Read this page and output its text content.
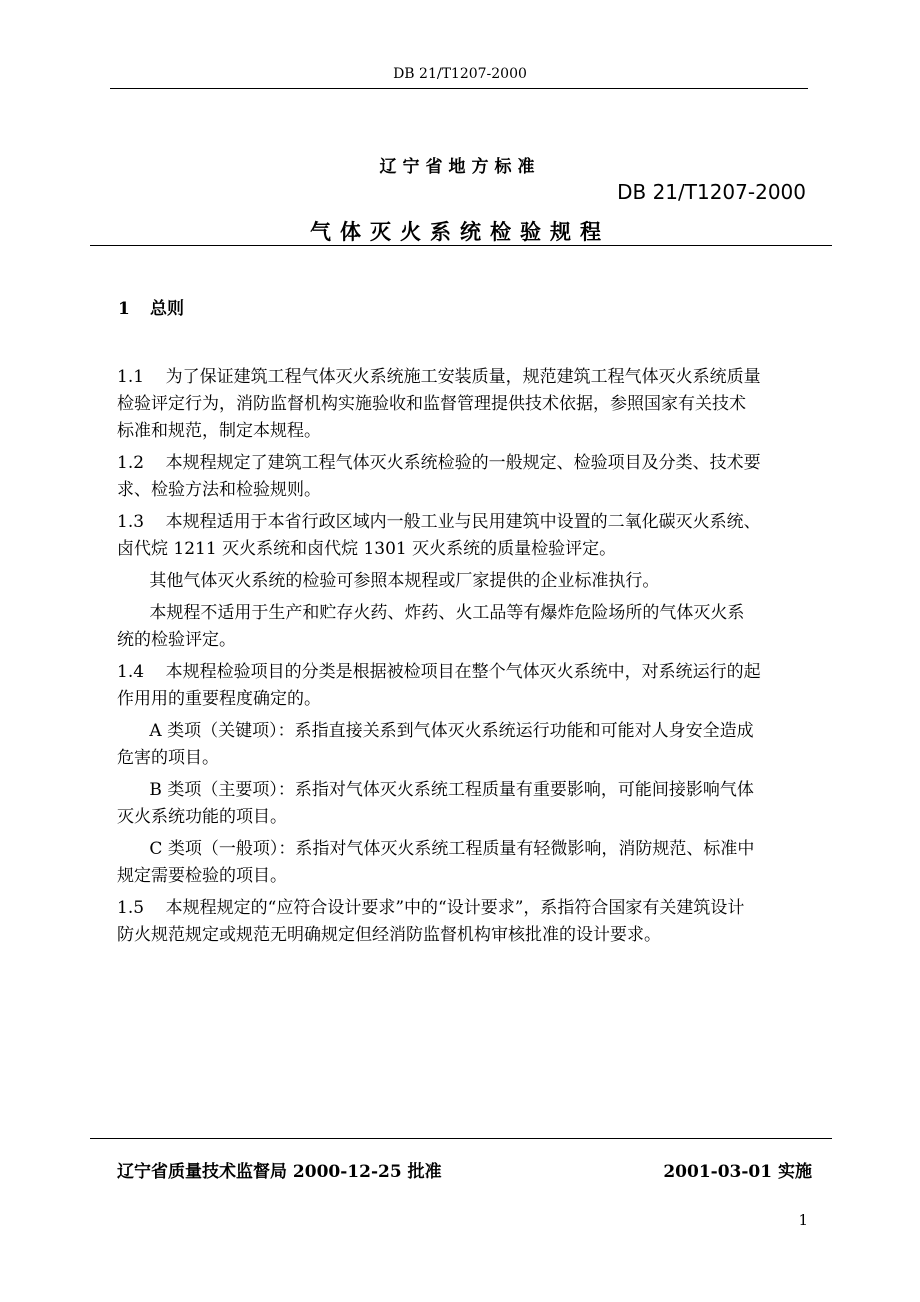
DB 21/T1207-2000
辽宁省地方标准
DB 21/T1207-2000
气体灭火系统检验规程
1 总则
1.1    为了保证建筑工程气体灭火系统施工安装质量，规范建筑工程气体灭火系统质量
检验评定行为，消防监督机构实施验收和监督管理提供技术依据，参照国家有关技术
标准和规范，制定本规程。
1.2    本规程规定了建筑工程气体灭火系统检验的一般规定、检验项目及分类、技术要
求、检验方法和检验规则。
1.3    本规程适用于本省行政区域内一般工业与民用建筑中设置的二氧化碳灭火系统、
卤代烷 1211 灭火系统和卤代烷 1301 灭火系统的质量检验评定。
其他气体灭火系统的检验可参照本规程或厂家提供的企业标准执行。
本规程不适用于生产和贮存火药、炸药、火工品等有爆炸危险场所的气体灭火系
统的检验评定。
1.4    本规程检验项目的分类是根据被检项目在整个气体灭火系统中，对系统运行的起
作用用的重要程度确定的。
A 类项（关键项）：系指直接关系到气体灭火系统运行功能和可能对人身安全造成
危害的项目。
B 类项（主要项）：系指对气体灭火系统工程质量有重要影响，可能间接影响气体
灭火系统功能的项目。
C 类项（一般项）：系指对气体灭火系统工程质量有轻微影响，消防规范、标准中
规定需要检验的项目。
1.5    本规程规定的“应符合设计要求”中的“设计要求”，系指符合国家有关建筑设计
防火规范规定或规范无明确规定但经消防监督机构审核批准的设计要求。
辽宁省质量技术监督局 2000-12-25 批准	2001-03-01 实施
1
